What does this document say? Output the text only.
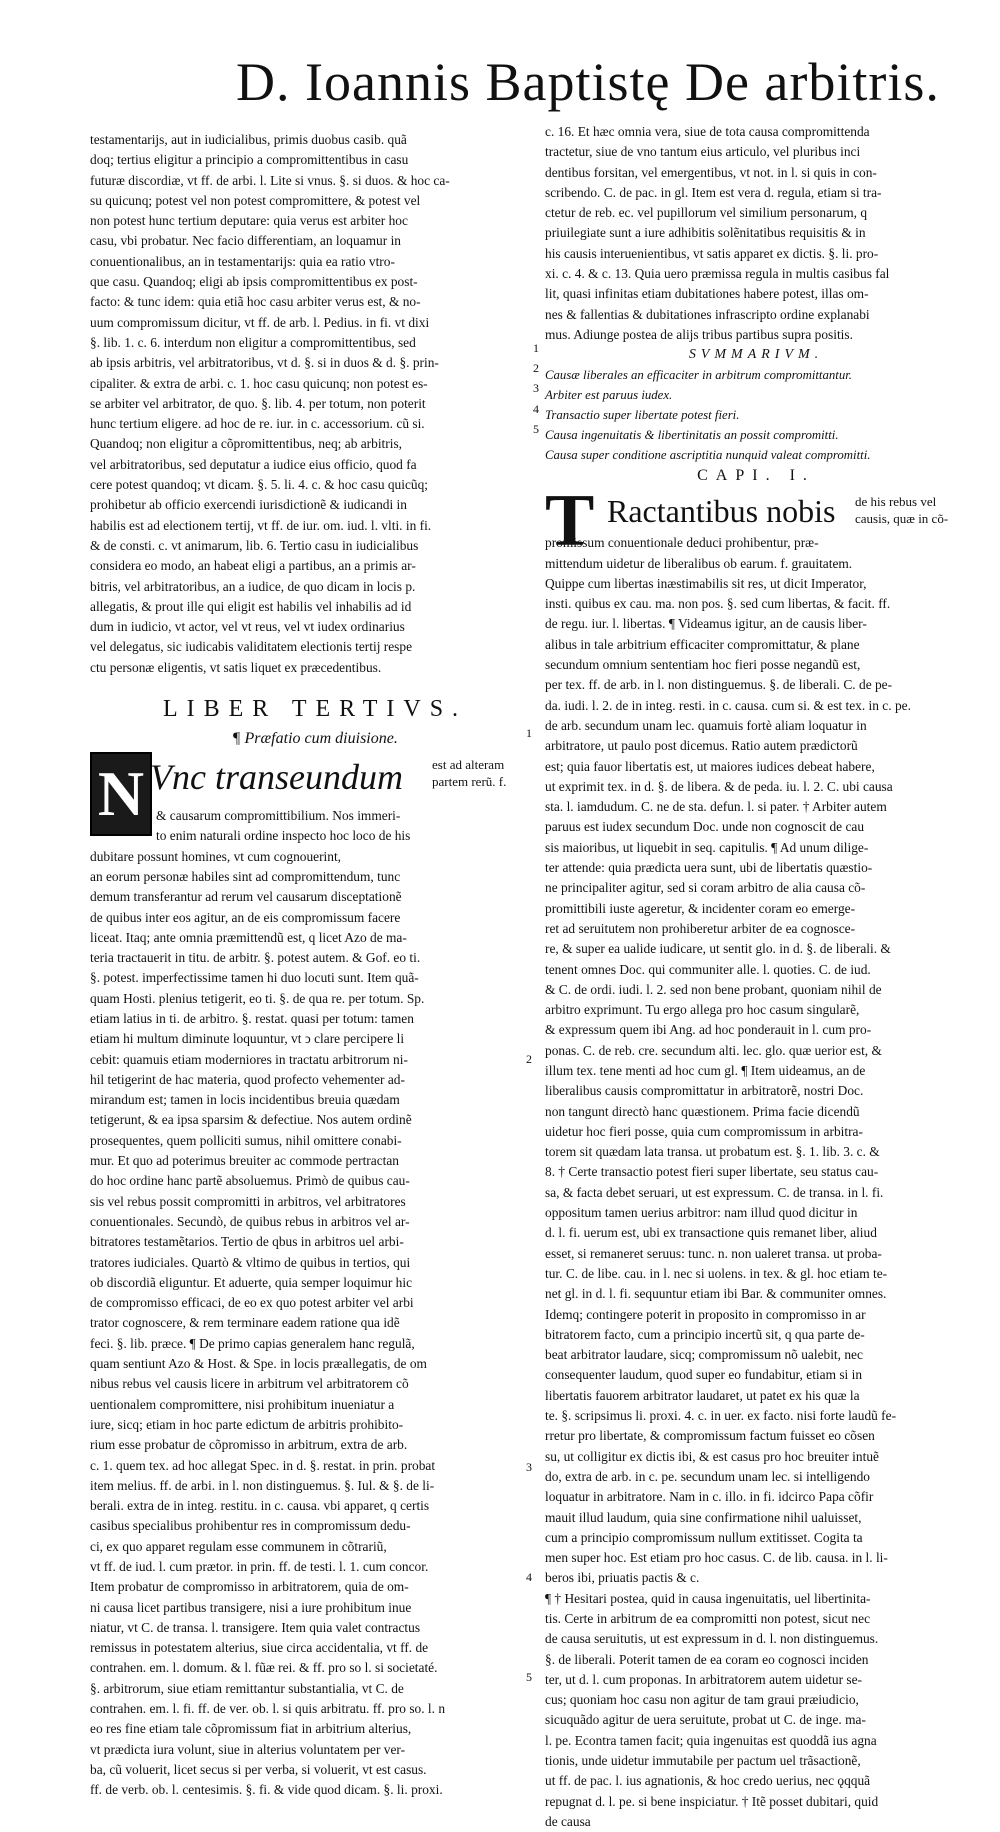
D. Ioannis Baptistę De arbitris.
testamentarijs, aut in iudicialibus, primis duobus casib. quã
doq; tertius eligitur a principio a compromittentibus in casu
futuræ discordiæ, vt ff. de arbi. l. Lite si vnus. §. si duos. & hoc ca-
su quicunq; potest vel non potest compromittere, & potest vel
non potest hunc tertium deputare: quia verus est arbiter hoc
casu, vbi probatur. Nec facio differentiam, an loquamur in
conuentionalibus, an in testamentarijs: quia ea ratio vtro-
que casu. Quandoq; eligi ab ipsis compromittentibus ex post-
facto: & tunc idem: quia etiã hoc casu arbiter verus est, & no-
uum compromissum dicitur, vt ff. de arb. l. Pedius. in fi. vt dixi
§. lib. 1. c. 6. interdum non eligitur a compromittentibus, sed
ab ipsis arbitris, vel arbitratoribus, vt d. §. si in duos & d. §. prin-
cipaliter. & extra de arbi. c. 1. hoc casu quicunq; non potest es-
se arbiter vel arbitrator, de quo. §. lib. 4. per totum, non poterit
hunc tertium eligere. ad hoc de re. iur. in c. accessorium. cũ si.
Quandoq; non eligitur a cõpromittentibus, neq; ab arbitris,
vel arbitratoribus, sed deputatur a iudice eius officio, quod fa
cere potest quandoq; vt dicam. §. 5. li. 4. c. & hoc casu quicũq;
prohibetur ab officio exercendi iurisdictionẽ & iudicandi in
habilis est ad electionem tertij, vt ff. de iur. om. iud. l. vlti. in fi.
& de consti. c. vt animarum, lib. 6. Tertio casu in iudicialibus
considera eo modo, an habeat eligi a partibus, an a primis ar-
bitris, vel arbitratoribus, an a iudice, de quo dicam in locis p.
allegatis, & prout ille qui eligit est habilis vel inhabilis ad id
dum in iudicio, vt actor, vel vt reus, vel vt iudex ordinarius
vel delegatus, sic iudicabis validitatem electionis tertij respe
ctu personæ eligentis, vt satis liquet ex præcedentibus.
LIBER TERTIVS.
¶ Præfatio cum diuisione.
N Vnc transeundum est ad alteram partem rerũ. f.
& causarum compromittibilium. Nos immeri-
to enim naturali ordine inspecto hoc loco de his
dubitare possunt homines, vt cum cognouerint,
an eorum personæ habiles sint ad compromittendum, tunc
demum transferantur ad rerum vel causarum disceptationẽ
de quibus inter eos agitur, an de eis compromissum facere
liceat. Itaq; ante omnia præmittendũ est, q licet Azo de ma-
teria tractauerit in titu. de arbitr. §. potest autem. & Gof. eo ti.
§. potest. imperfectissime tamen hi duo locuti sunt. Item quã-
quam Hosti. plenius tetigerit, eo ti. §. de qua re. per totum. Sp.
etiam latius in ti. de arbitro. §. restat. quasi per totum: tamen
etiam hi multum diminute loquuntur, vt ↄ clare percipere li
cebit: quamuis etiam moderniores in tractatu arbitrorum ni-
hil tetigerint de hac materia, quod profecto vehementer ad-
mirandum est; tamen in locis incidentibus breuia quædam
tetigerunt, & ea ipsa sparsim & defectiue. Nos autem ordinẽ
prosequentes, quem polliciti sumus, nihil omittere conabi-
mur. Et quo ad poterimus breuiter ac commode pertractan
do hoc ordine hanc partẽ absoluemus. Primò de quibus cau-
sis vel rebus possit compromitti in arbitros, vel arbitratores
conuentionales. Secundò, de quibus rebus in arbitros vel ar-
bitratores testamẽtarios. Tertio de qbus in arbitros uel arbi-
tratores iudiciales. Quartò & vltimo de quibus in tertios, qui
ob discordiã eliguntur. Et aduerte, quia semper loquimur hic
de compromisso efficaci, de eo ex quo potest arbiter vel arbi
trator cognoscere, & rem terminare eadem ratione qua idẽ
feci. §. lib. præce. ¶ De primo capias generalem hanc regulã,
quam sentiunt Azo & Host. & Spe. in locis præallegatis, de om
nibus rebus vel causis licere in arbitrum vel arbitratorem cõ
uentionalem compromittere, nisi prohibitum inueniatur a
iure, sicq; etiam in hoc parte edictum de arbitris prohibito-
rium esse probatur de cõpromisso in arbitrum, extra de arb.
c. 1. quem tex. ad hoc allegat Spec. in d. §. restat. in prin. probat
item melius. ff. de arbi. in l. non distinguemus. §. Iul. & §. de li-
berali. extra de in integ. restitu. in c. causa. vbi apparet, q certis
casibus specialibus prohibentur res in compromissum dedu-
ci, ex quo apparet regulam esse communem in cõtrariũ,
vt ff. de iud. l. cum prætor. in prin. ff. de testi. l. 1. cum concor.
Item probatur de compromisso in arbitratorem, quia de om-
ni causa licet partibus transigere, nisi a iure prohibitum inue
niatur, vt C. de transa. l. transigere. Item quia valet contractus
remissus in potestatem alterius, siue circa accidentalia, vt ff. de
contrahen. em. l. domum. & l. fũæ rei. & ff. pro so l. si societaté.
§. arbitrorum, siue etiam remittantur substantialia, vt C. de
contrahen. em. l. fi. ff. de ver. ob. l. si quis arbitratu. ff. pro so. l. n
eo res fine etiam tale cõpromissum fiat in arbitrium alterius,
vt prædicta iura volunt, siue in alterius voluntatem per ver-
ba, cũ voluerit, licet secus si per verba, si voluerit, vt est casus.
ff. de verb. ob. l. centesimis. §. fi. & vide quod dicam. §. li. proxi.
c. 16. Et hæc omnia vera, siue de tota causa compromittenda
tractetur, siue de vno tantum eius articulo, vel pluribus inci
dentibus forsitan, vel emergentibus, vt not. in l. si quis in con-
scribendo. C. de pac. in gl. Item est vera d. regula, etiam si tra-
ctetur de reb. ec. vel pupillorum vel similium personarum, q
priuilegiate sunt a iure adhibitis solẽnitatibus requisitis & in
his causis interuenientibus, vt satis apparet ex dictis. §. li. pro-
xi. c. 4. & c. 13. Quia uero præmissa regula in multis casibus fal
lit, quasi infinitas etiam dubitationes habere potest, illas om-
nes & fallentias & dubitationes infrascripto ordine explanabi
mus. Adiunge postea de alijs tribus partibus supra positis.
SVMMARIVM.
Causæ liberales an efficaciter in arbitrum compromittantur.
Arbiter est paruus iudex.
Transactio super libertate potest fieri.
Causa ingenuitatis & libertinitatis an possit compromitti.
Causa super conditione ascriptitia nunquid valeat compromitti.
CAPI. I.
T Ractantibus nobis de his rebus vel causis, quæ in cõ-
promissum conuentionale deduci prohibentur, præ-
mittendum uidetur de liberalibus ob earum. f. grauitatem.
Quippe cum libertas inæstimabilis sit res, ut dicit Imperator,
insti. quibus ex cau. ma. non pos. §. sed cum libertas, & facit. ff.
de regu. iur. l. libertas. ¶ Videamus igitur, an de causis liber-
alibus in tale arbitrium efficaciter compromittatur, & plane
secundum omnium sententiam hoc fieri posse negandũ est,
per tex. ff. de arb. in l. non distinguemus. §. de liberali. C. de pe-
da. iudi. l. 2. de in integ. resti. in c. causa. cum si. & est tex. in c. pe.
de arb. secundum unam lec. quamuis fortè aliam loquatur in
arbitratore, ut paulo post dicemus. Ratio autem prædictorũ
est; quia fauor libertatis est, ut maiores iudices debeat habere,
ut exprimit tex. in d. §. de libera. & de peda. iu. l. 2. C. ubi causa
sta. l. iamdudum. C. ne de sta. defun. l. si pater. † Arbiter autem
paruus est iudex secundum Doc. unde non cognoscit de cau
sis maioribus, ut liquebit in seq. capitulis. ¶ Ad unum dilige-
ter attende: quia prædicta uera sunt, ubi de libertatis quæstio-
ne principaliter agitur, sed si coram arbitro de alia causa cõ-
promittibili iuste ageretur, & incidenter coram eo emerge-
ret ad seruitutem non prohiberetur arbiter de ea cognosce-
re, & super ea ualide iudicare, ut sentit glo. in d. §. de liberali. &
tenent omnes Doc. qui communiter alle. l. quoties. C. de iud.
& C. de ordi. iudi. l. 2. sed non bene probant, quoniam nihil de
arbitro exprimunt. Tu ergo allega pro hoc casum singularẽ,
& expressum quem ibi Ang. ad hoc ponderauit in l. cum pro-
ponas. C. de reb. cre. secundum alti. lec. glo. quæ uerior est, &
illum tex. tene menti ad hoc cum gl. ¶ Item uideamus, an de
liberalibus causis compromittatur in arbitratorẽ, nostri Doc.
non tangunt directò hanc quæstionem. Prima facie dicendũ
uidetur hoc fieri posse, quia cum compromissum in arbitra-
torem sit quædam lata transa. ut probatum est. §. 1. lib. 3. c. &
8. † Certe transactio potest fieri super libertate, seu status cau-
sa, & facta debet seruari, ut est expressum. C. de transa. in l. fi.
oppositum tamen uerius arbitror: nam illud quod dicitur in
d. l. fi. uerum est, ubi ex transactione quis remanet liber, aliud
esset, si remaneret seruus: tunc. n. non ualeret transa. ut proba-
tur. C. de libe. cau. in l. nec si uolens. in tex. & gl. hoc etiam te-
net gl. in d. l. fi. sequuntur etiam ibi Bar. & communiter omnes.
Idemq; contingere poterit in proposito in compromisso in ar
bitratorem facto, cum a principio incertũ sit, q qua parte de-
beat arbitrator laudare, sicq; compromissum nõ ualebit, nec
consequenter laudum, quod super eo fundabitur, etiam si in
libertatis fauorem arbitrator laudaret, ut patet ex his quæ la
te. §. scripsimus li. proxi. 4. c. in uer. ex facto. nisi forte laudũ fe-
rretur pro libertate, & compromissum factum fuisset eo cõsen
su, ut colligitur ex dictis ibi, & est casus pro hoc breuiter intuẽ
do, extra de arb. in c. pe. secundum unam lec. si intelligendo
loquatur in arbitratore. Nam in c. illo. in fi. idcirco Papa cõfir
mauit illud laudum, quia sine confirmatione nihil ualuisset,
cum a principio compromissum nullum extitisset. Cogita ta
men super hoc. Est etiam pro hoc casus. C. de lib. causa. in l. li-
beros ibi, priuatis pactis & c.
¶ † Hesitari postea, quid in causa ingenuitatis, uel libertinita-
tis. Certe in arbitrum de ea compromitti non potest, sicut nec
de causa seruitutis, ut est expressum in d. l. non distinguemus.
§. de liberali. Poterit tamen de ea coram eo cognosci inciden
ter, ut d. l. cum proponas. In arbitratorem autem uidetur se-
cus; quoniam hoc casu non agitur de tam graui præiudicio,
sicuquãdo agitur de uera seruitute, probat ut C. de inge. ma-
l. pe. Econtra tamen facit; quia ingenuitas est quoddã ius agna
tionis, unde uidetur immutabile per pactum uel trãsactionẽ,
ut ff. de pac. l. ius agnationis, & hoc credo uerius, nec ǫqquã
repugnat d. l. pe. si bene inspiciatur. † Itẽ posset dubitari, quid
de causa
1
2
3
4
5
1
2
3
4
5
